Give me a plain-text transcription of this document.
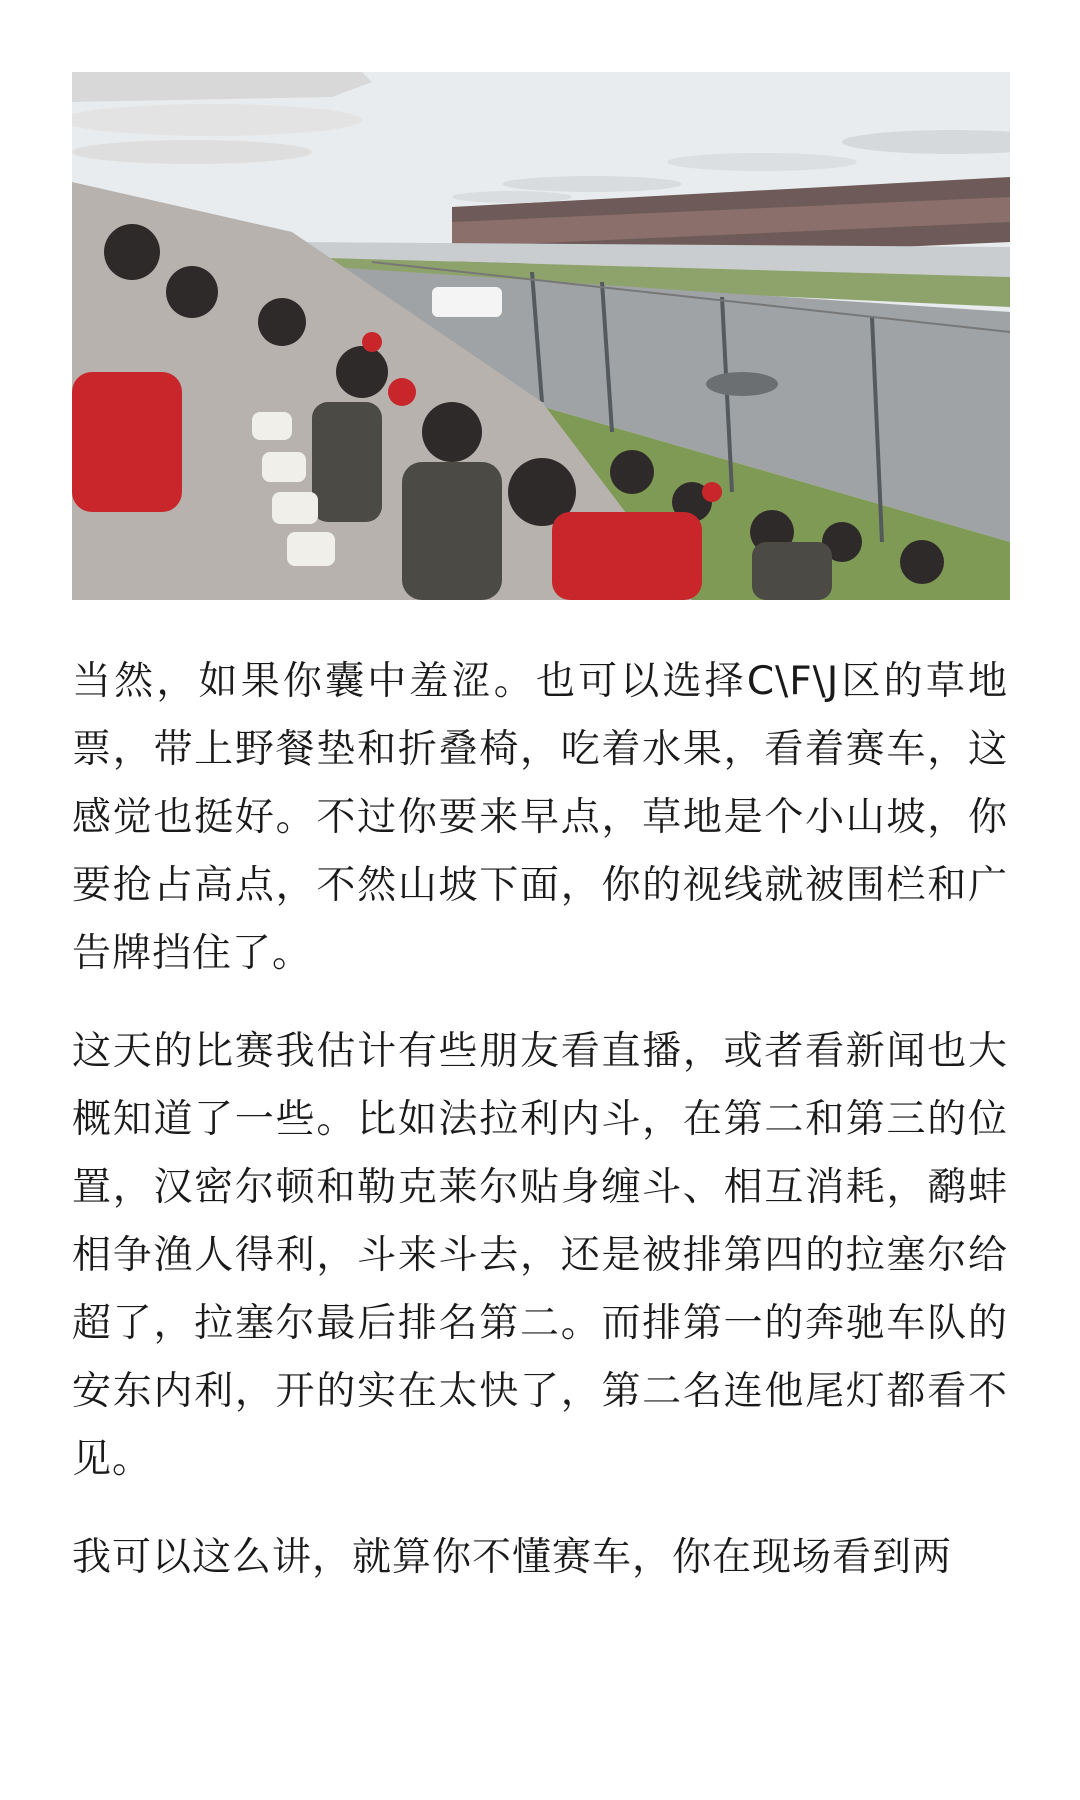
当然，如果你囊中羞涩。也可以选择C\F\J区的草地票，带上野餐垫和折叠椅，吃着水果，看着赛车，这感觉也挺好。不过你要来早点，草地是个小山坡，你要抢占高点，不然山坡下面，你的视线就被围栏和广告牌挡住了。

这天的比赛我估计有些朋友看直播，或者看新闻也大概知道了一些。比如法拉利内斗，在第二和第三的位置，汉密尔顿和勒克莱尔贴身缠斗、相互消耗，鹬蚌相争渔人得利，斗来斗去，还是被排第四的拉塞尔给超了，拉塞尔最后排名第二。而排第一的奔驰车队的安东内利，开的实在太快了，第二名连他尾灯都看不见。

我可以这么讲，就算你不懂赛车，你在现场看到两
